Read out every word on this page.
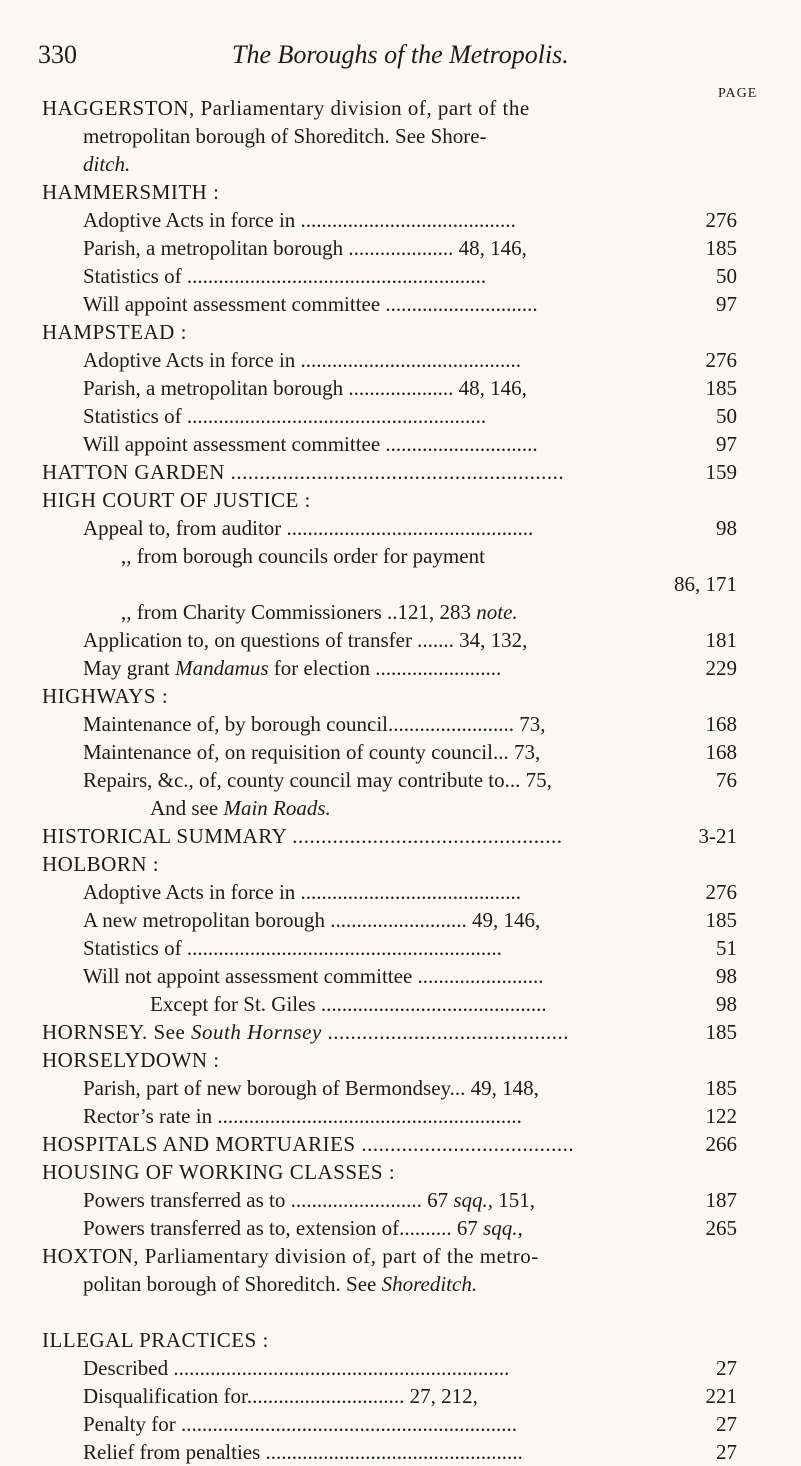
330	The Boroughs of the Metropolis.
PAGE
HAGGERSTON, Parliamentary division of, part of the
metropolitan borough of Shoreditch. See Shore-
ditch.
HAMMERSMITH :
Adoptive Acts in force in .........................................	276
Parish, a metropolitan borough .................... 48, 146,	185
Statistics of .........................................................	50
Will appoint assessment committee .............................	97
HAMPSTEAD :
Adoptive Acts in force in ..........................................	276
Parish, a metropolitan borough .................... 48, 146,	185
Statistics of .........................................................	50
Will appoint assessment committee .............................	97
HATTON GARDEN ..........................................................	159
HIGH COURT OF JUSTICE :
Appeal to, from auditor ...............................................	98
,, from borough councils order for payment
86, 171
,, from Charity Commissioners ..121, 283 note.
Application to, on questions of transfer ....... 34, 132,	181
May grant Mandamus for election ........................	229
HIGHWAYS :
Maintenance of, by borough council........................ 73,	168
Maintenance of, on requisition of county council... 73,	168
Repairs, &c., of, county council may contribute to... 75,	76
And see Main Roads.
HISTORICAL SUMMARY ...............................................	3-21
HOLBORN :
Adoptive Acts in force in ..........................................	276
A new metropolitan borough .......................... 49, 146,	185
Statistics of ............................................................	51
Will not appoint assessment committee ........................	98
Except for St. Giles ...........................................	98
HORNSEY. See South Hornsey ..........................................	185
HORSELYDOWN :
Parish, part of new borough of Bermondsey... 49, 148,	185
Rector’s rate in ..........................................................	122
HOSPITALS AND MORTUARIES .....................................	266
HOUSING OF WORKING CLASSES :
Powers transferred as to ......................... 67 sqq., 151,	187
Powers transferred as to, extension of.......... 67 sqq.,	265
HOXTON, Parliamentary division of, part of the metro-
politan borough of Shoreditch. See Shoreditch.
ILLEGAL PRACTICES :
Described ................................................................	27
Disqualification for.............................. 27, 212,	221
Penalty for ................................................................	27
Relief from penalties .................................................	27
